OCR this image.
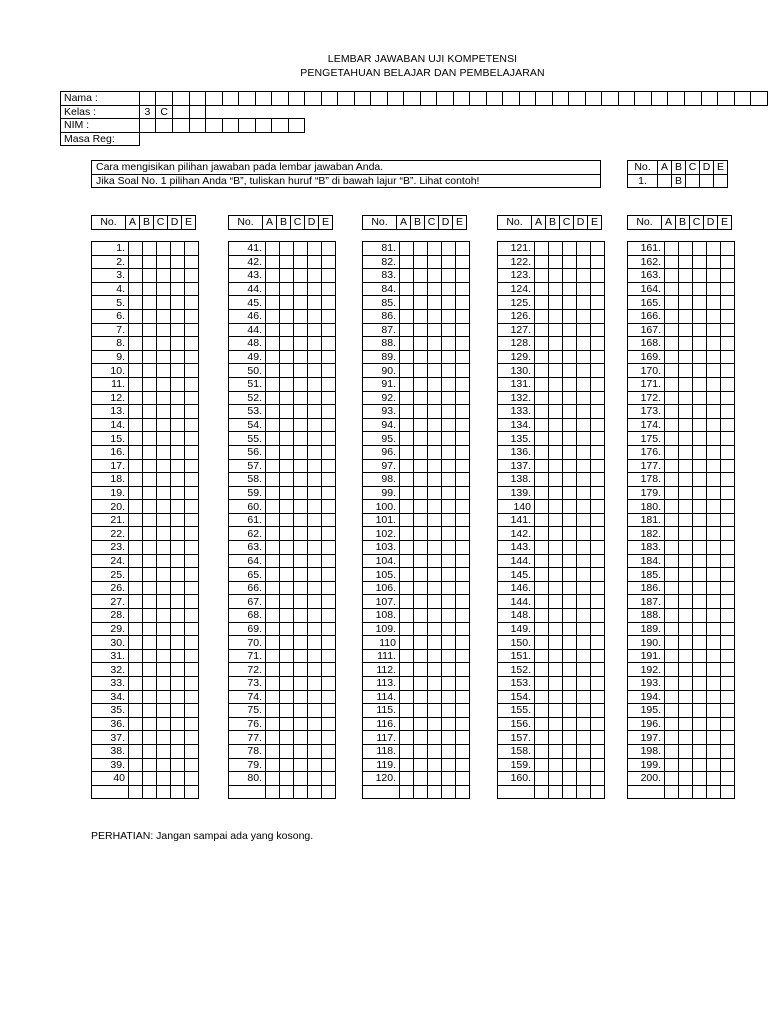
LEMBAR JAWABAN UJI KOMPETENSI
PENGETAHUAN BELAJAR DAN PEMBELAJARAN
Nama :																																						
Kelas :	3	C																																				
NIM :																																						
Masa Reg:																																						
Cara mengisikan pilihan jawaban pada lembar jawaban Anda.
Jika Soal No. 1 pilihan Anda “B”, tuliskan huruf “B” di bawah lajur “B”. Lihat contoh!
No.	A	B	C	D	E
1.		B			
No.	A	B	C	D	E
1.					
2.					
3.					
4.					
5.					
6.					
7.					
8.					
9.					
10.					
11.					
12.					
13.					
14.					
15.					
16.					
17.					
18.					
19.					
20.					
21.					
22.					
23.					
24.					
25.					
26.					
27.					
28.					
29.					
30.					
31.					
32.					
33.					
34.					
35.					
36.					
37.					
38.					
39.					
40					

No.	A	B	C	D	E
41.					
42.					
43.					
44.					
45.					
46.					
44.					
48.					
49.					
50.					
51.					
52.					
53.					
54.					
55.					
56.					
57.					
58.					
59.					
60.					
61.					
62.					
63.					
64.					
65.					
66.					
67.					
68.					
69.					
70.					
71.					
72.					
73.					
74.					
75.					
76.					
77.					
78.					
79.					
80.					

No.	A	B	C	D	E
81.					
82.					
83.					
84.					
85.					
86.					
87.					
88.					
89.					
90.					
91.					
92.					
93.					
94.					
95.					
96.					
97.					
98.					
99.					
100.					
101.					
102.					
103.					
104.					
105.					
106.					
107.					
108.					
109.					
110					
111.					
112.					
113.					
114.					
115.					
116.					
117.					
118.					
119.					
120.					

No.	A	B	C	D	E
121.					
122.					
123.					
124.					
125.					
126.					
127.					
128.					
129.					
130.					
131.					
132.					
133.					
134.					
135.					
136.					
137.					
138.					
139.					
140					
141.					
142.					
143.					
144.					
145.					
146.					
144.					
148.					
149.					
150.					
151.					
152.					
153.					
154.					
155.					
156.					
157.					
158.					
159.					
160.					

No.	A	B	C	D	E
161.					
162.					
163.					
164.					
165.					
166.					
167.					
168.					
169.					
170.					
171.					
172.					
173.					
174.					
175.					
176.					
177.					
178.					
179.					
180.					
181.					
182.					
183.					
184.					
185.					
186.					
187.					
188.					
189.					
190.					
191.					
192.					
193.					
194.					
195.					
196.					
197.					
198.					
199.					
200.					

PERHATIAN: Jangan sampai ada yang kosong.
